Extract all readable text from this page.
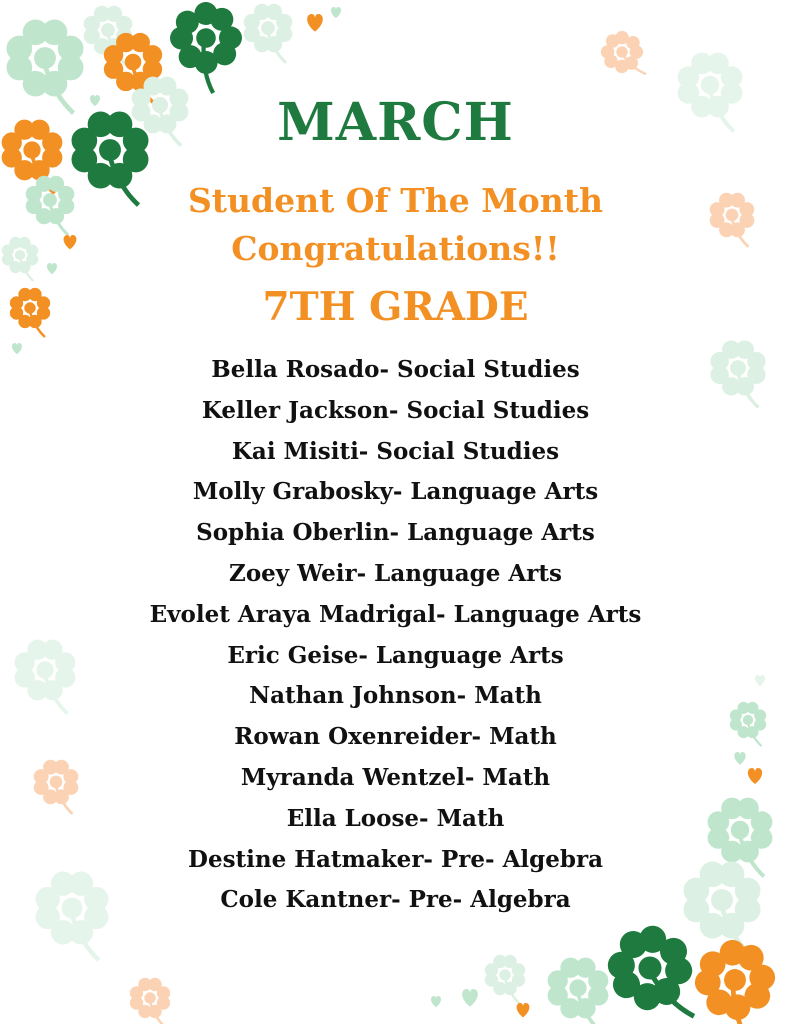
MARCH
Student Of The Month
Congratulations!!
7TH GRADE
Bella Rosado- Social Studies
Keller Jackson- Social Studies
Kai Misiti- Social Studies
Molly Grabosky- Language Arts
Sophia Oberlin- Language Arts
Zoey Weir- Language Arts
Evolet Araya Madrigal- Language Arts
Eric Geise- Language Arts
Nathan Johnson- Math
Rowan Oxenreider- Math
Myranda Wentzel- Math
Ella Loose- Math
Destine Hatmaker- Pre- Algebra
Cole Kantner- Pre- Algebra
